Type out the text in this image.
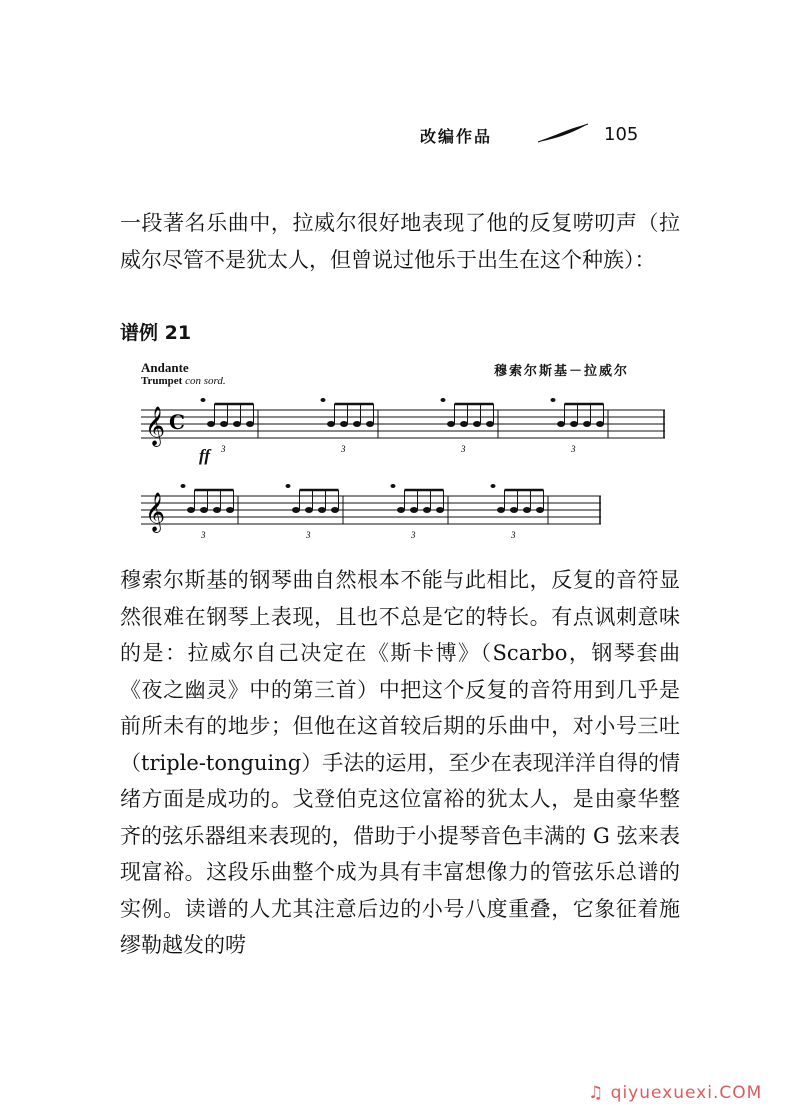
改编作品	105

一段著名乐曲中，拉威尔很好地表现了他的反复唠叨声（拉威尔尽管不是犹太人，但曾说过他乐于出生在这个种族）：

谱例 21
Andante
Trumpet con sord.
穆索尔斯基－拉威尔
ff
𝄞 C
3	3	3	3
𝄞
3	3	3	3

穆索尔斯基的钢琴曲自然根本不能与此相比，反复的音符显然很难在钢琴上表现，且也不总是它的特长。有点讽刺意味的是：拉威尔自己决定在《斯卡博》（Scarbo，钢琴套曲《夜之幽灵》中的第三首）中把这个反复的音符用到几乎是前所未有的地步；但他在这首较后期的乐曲中，对小号三吐（triple-tonguing）手法的运用，至少在表现洋洋自得的情绪方面是成功的。戈登伯克这位富裕的犹太人，是由豪华整齐的弦乐器组来表现的，借助于小提琴音色丰满的 G 弦来表现富裕。这段乐曲整个成为具有丰富想像力的管弦乐总谱的实例。读谱的人尤其注意后边的小号八度重叠，它象征着施缪勒越发的唠

♫ qiyuexuexi.COM
